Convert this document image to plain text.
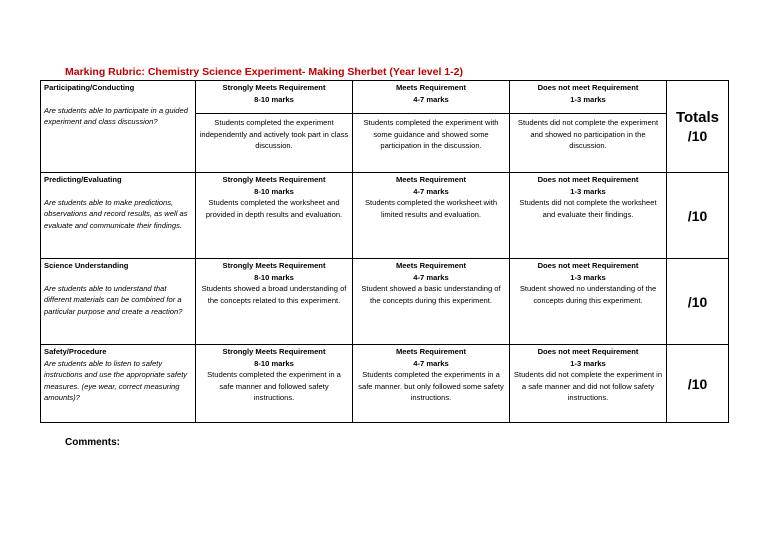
Marking Rubric: Chemistry Science Experiment- Making Sherbet (Year level 1-2)
Participating/Conducting
Are students able to participate in a guided experiment and class discussion?	Strongly Meets Requirement
8-10 marks
Students completed the experiment independently and actively took part in class discussion.	Meets Requirement
4-7 marks
Students completed the experiment with some guidance and showed some participation in the discussion.	Does not meet Requirement
1-3 marks
Students did not complete the experiment and showed no participation in the discussion.	Totals
/10

Predicting/Evaluating
Are students able to make predictions, observations and record results, as well as evaluate and communicate their findings.	Strongly Meets Requirement
8-10 marks
Students completed the worksheet and provided in depth results and evaluation.	Meets Requirement
4-7 marks
Students completed the worksheet with limited results and evaluation.	Does not meet Requirement
1-3 marks
Students did not complete the worksheet and evaluate their findings.	/10

Science Understanding
Are students able to understand that different materials can be combined for a particular purpose and create a reaction?	Strongly Meets Requirement
8-10 marks
Students showed a broad understanding of the concepts related to this experiment.	Meets Requirement
4-7 marks
Student showed a basic understanding of the concepts during this experiment.	Does not meet Requirement
1-3 marks
Student showed no understanding of the concepts during this experiment.	/10

Safety/Procedure
Are students able to listen to safety instructions and use the appropriate safety measures. (eye wear, correct measuring amounts)?	Strongly Meets Requirement
8-10 marks
Students completed the experiment in a safe manner and followed safety instructions.	Meets Requirement
4-7 marks
Students completed the experiments in a safe manner. but only followed some safety instructions.	Does not meet Requirement
1-3 marks
Students did not complete the experiment in a safe manner and did not follow safety instructions.	/10
Comments:
